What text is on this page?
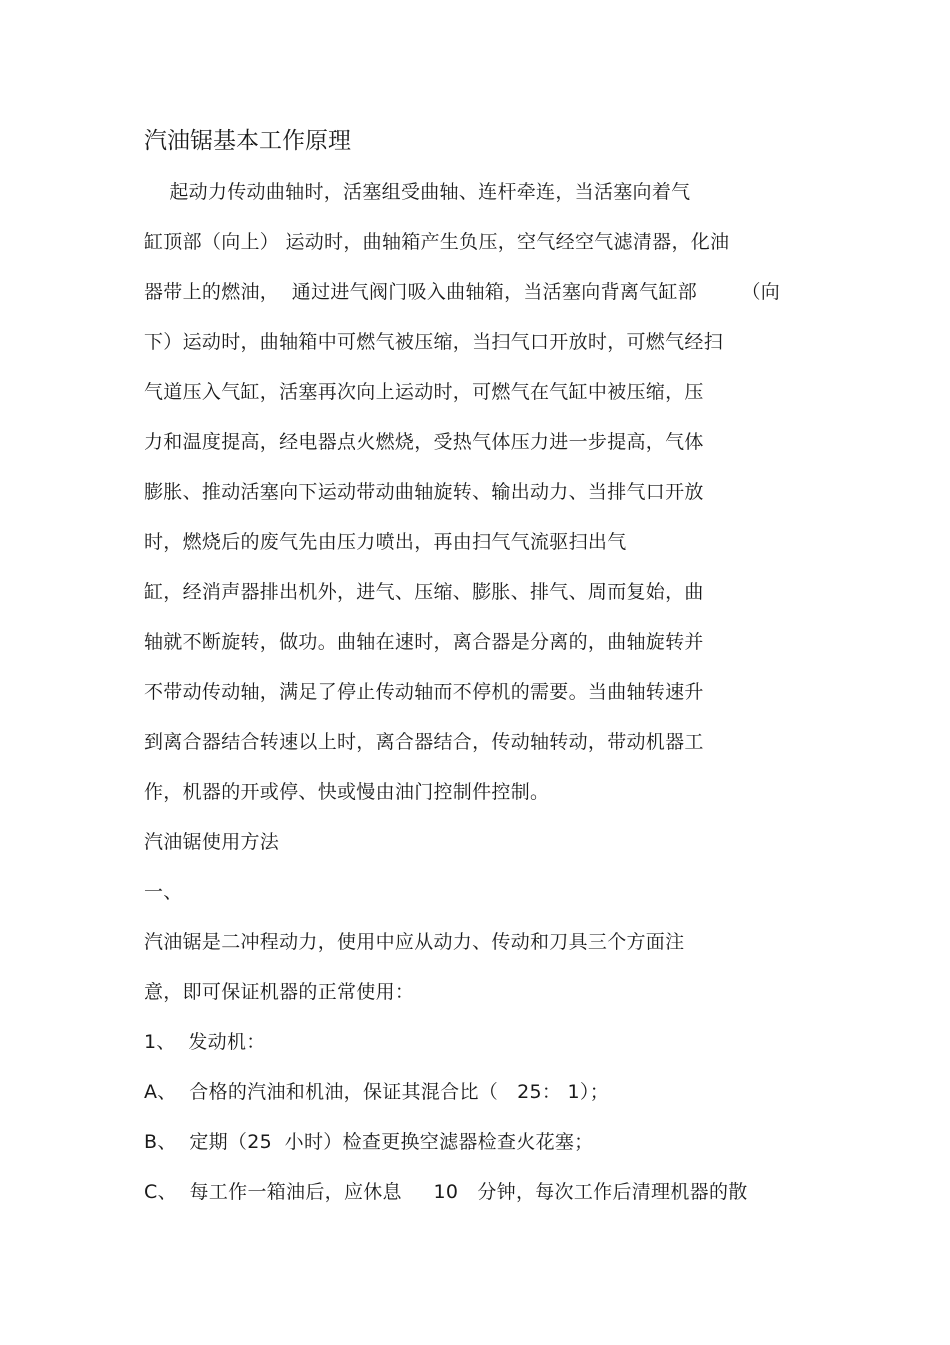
汽油锯基本工作原理
起动力传动曲轴时，活塞组受曲轴、连杆牵连，当活塞向着气
缸顶部（向上） 运动时，曲轴箱产生负压，空气经空气滤清器，化油
器带上的燃油，  通过进气阀门吸入曲轴箱，当活塞向背离气缸部       （向
下）运动时，曲轴箱中可燃气被压缩，当扫气口开放时，可燃气经扫
气道压入气缸，活塞再次向上运动时，可燃气在气缸中被压缩，压
力和温度提高，经电器点火燃烧，受热气体压力进一步提高，气体
膨胀、推动活塞向下运动带动曲轴旋转、输出动力、当排气口开放
时，燃烧后的废气先由压力喷出，再由扫气气流驱扫出气
缸，经消声器排出机外，进气、压缩、膨胀、排气、周而复始，曲
轴就不断旋转，做功。曲轴在速时，离合器是分离的，曲轴旋转并
不带动传动轴，满足了停止传动轴而不停机的需要。当曲轴转速升
到离合器结合转速以上时，离合器结合，传动轴转动，带动机器工
作，机器的开或停、快或慢由油门控制件控制。
汽油锯使用方法
一、
汽油锯是二冲程动力，使用中应从动力、传动和刀具三个方面注
意，即可保证机器的正常使用：
1、  发动机：
A、  合格的汽油和机油，保证其混合比（   25： 1）；
B、  定期（25  小时）检查更换空滤器检查火花塞；
C、  每工作一箱油后，应休息     10   分钟，每次工作后清理机器的散
